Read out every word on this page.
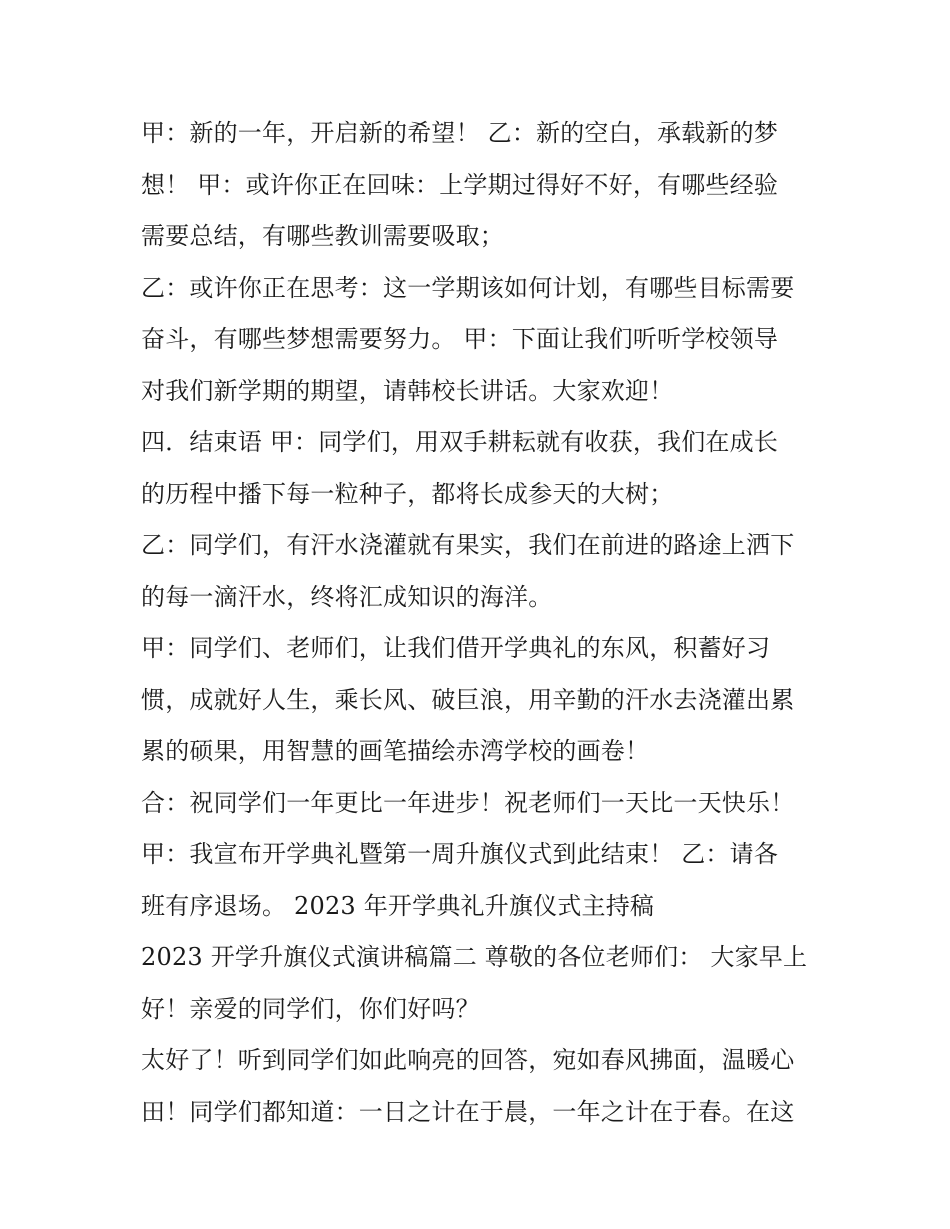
甲：新的一年，开启新的希望！ 乙：新的空白，承载新的梦
想！ 甲：或许你正在回味：上学期过得好不好，有哪些经验
需要总结，有哪些教训需要吸取；
乙：或许你正在思考：这一学期该如何计划，有哪些目标需要
奋斗，有哪些梦想需要努力。 甲：下面让我们听听学校领导
对我们新学期的期望，请韩校长讲话。大家欢迎！
四．结束语 甲：同学们，用双手耕耘就有收获，我们在成长
的历程中播下每一粒种子，都将长成参天的大树；
乙：同学们，有汗水浇灌就有果实，我们在前进的路途上洒下
的每一滴汗水，终将汇成知识的海洋。
甲：同学们、老师们，让我们借开学典礼的东风，积蓄好习
惯，成就好人生，乘长风、破巨浪，用辛勤的汗水去浇灌出累
累的硕果，用智慧的画笔描绘赤湾学校的画卷！
合：祝同学们一年更比一年进步！祝老师们一天比一天快乐！
甲：我宣布开学典礼暨第一周升旗仪式到此结束！ 乙：请各
班有序退场。 2023 年开学典礼升旗仪式主持稿
2023 开学升旗仪式演讲稿篇二 尊敬的各位老师们： 大家早上
好！亲爱的同学们，你们好吗？
太好了！听到同学们如此响亮的回答，宛如春风拂面，温暖心
田！同学们都知道：一日之计在于晨，一年之计在于春。在这
